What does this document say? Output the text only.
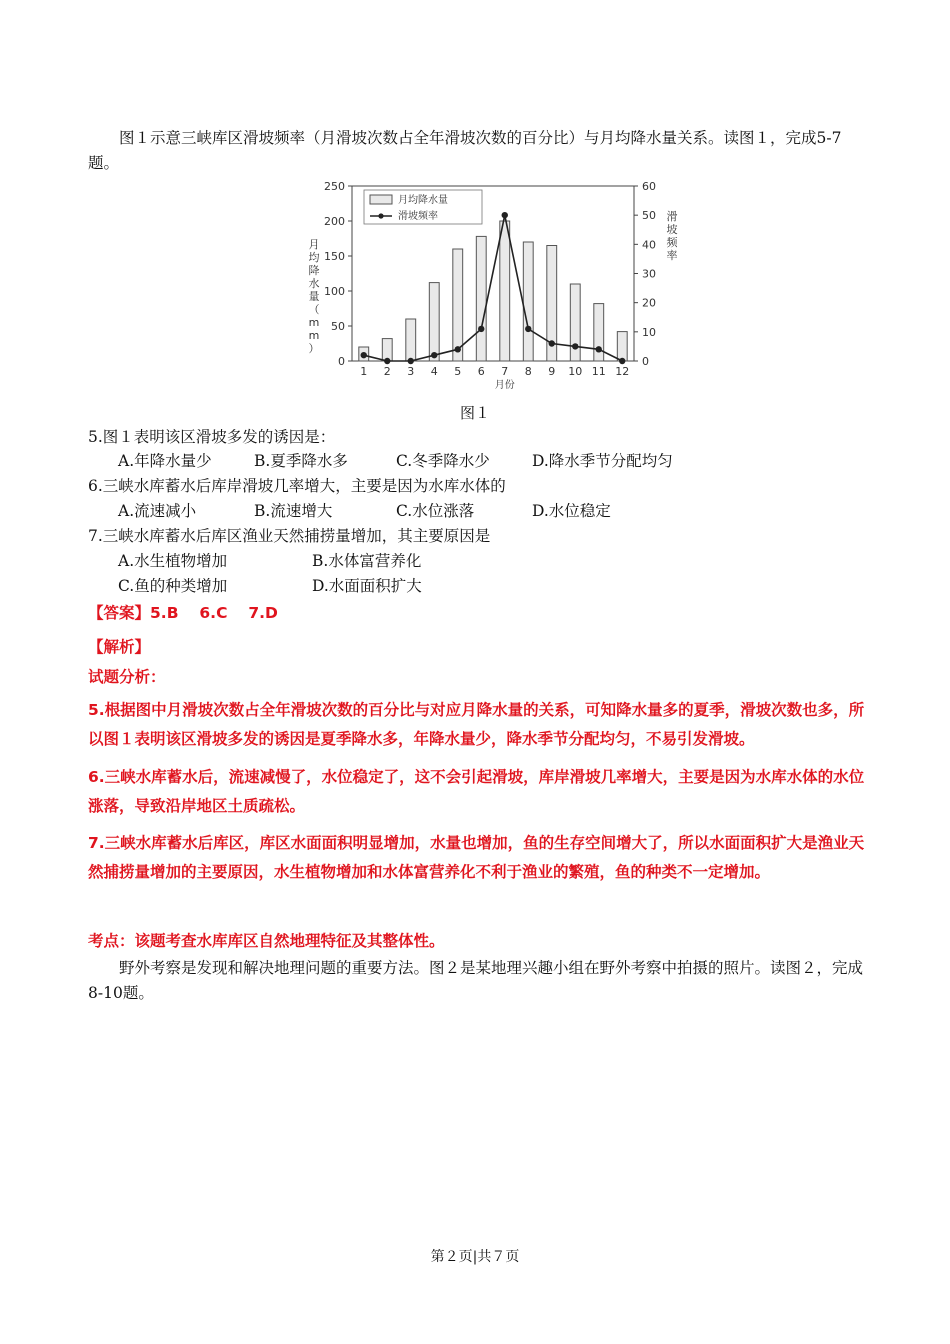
图１示意三峡库区滑坡频率（月滑坡次数占全年滑坡次数的百分比）与月均降水量关系。读图１，完成5-7题。
0
50
100
150
200
250
0
10
20
30
40
50
60
月
均
降
水
量
（
m
m
）
滑
坡
频
率
1 2 3 4 5 6 7 8 9 10 11 12
月份
月均降水量
滑坡频率
图１
5.图１表明该区滑坡多发的诱因是：
A.年降水量少	B.夏季降水多	C.冬季降水少	D.降水季节分配均匀
6.三峡水库蓄水后库岸滑坡几率增大，主要是因为水库水体的
A.流速减小	B.流速增大	C.水位涨落	D.水位稳定
7.三峡水库蓄水后库区渔业天然捕捞量增加，其主要原因是
A.水生植物增加	B.水体富营养化
C.鱼的种类增加	D.水面面积扩大
【答案】5.B　 6.C　 7.D
【解析】
试题分析：
5.根据图中月滑坡次数占全年滑坡次数的百分比与对应月降水量的关系，可知降水量多的夏季，滑坡次数也多，所以图１表明该区滑坡多发的诱因是夏季降水多，年降水量少，降水季节分配均匀，不易引发滑坡。
6.三峡水库蓄水后，流速减慢了，水位稳定了，这不会引起滑坡，库岸滑坡几率增大，主要是因为水库水体的水位涨落，导致沿岸地区土质疏松。
7.三峡水库蓄水后库区，库区水面面积明显增加，水量也增加，鱼的生存空间增大了，所以水面面积扩大是渔业天然捕捞量增加的主要原因，水生植物增加和水体富营养化不利于渔业的繁殖，鱼的种类不一定增加。
考点：该题考查水库库区自然地理特征及其整体性。
野外考察是发现和解决地理问题的重要方法。图２是某地理兴趣小组在野外考察中拍摄的照片。读图２，完成8-10题。
第２页|共７页
